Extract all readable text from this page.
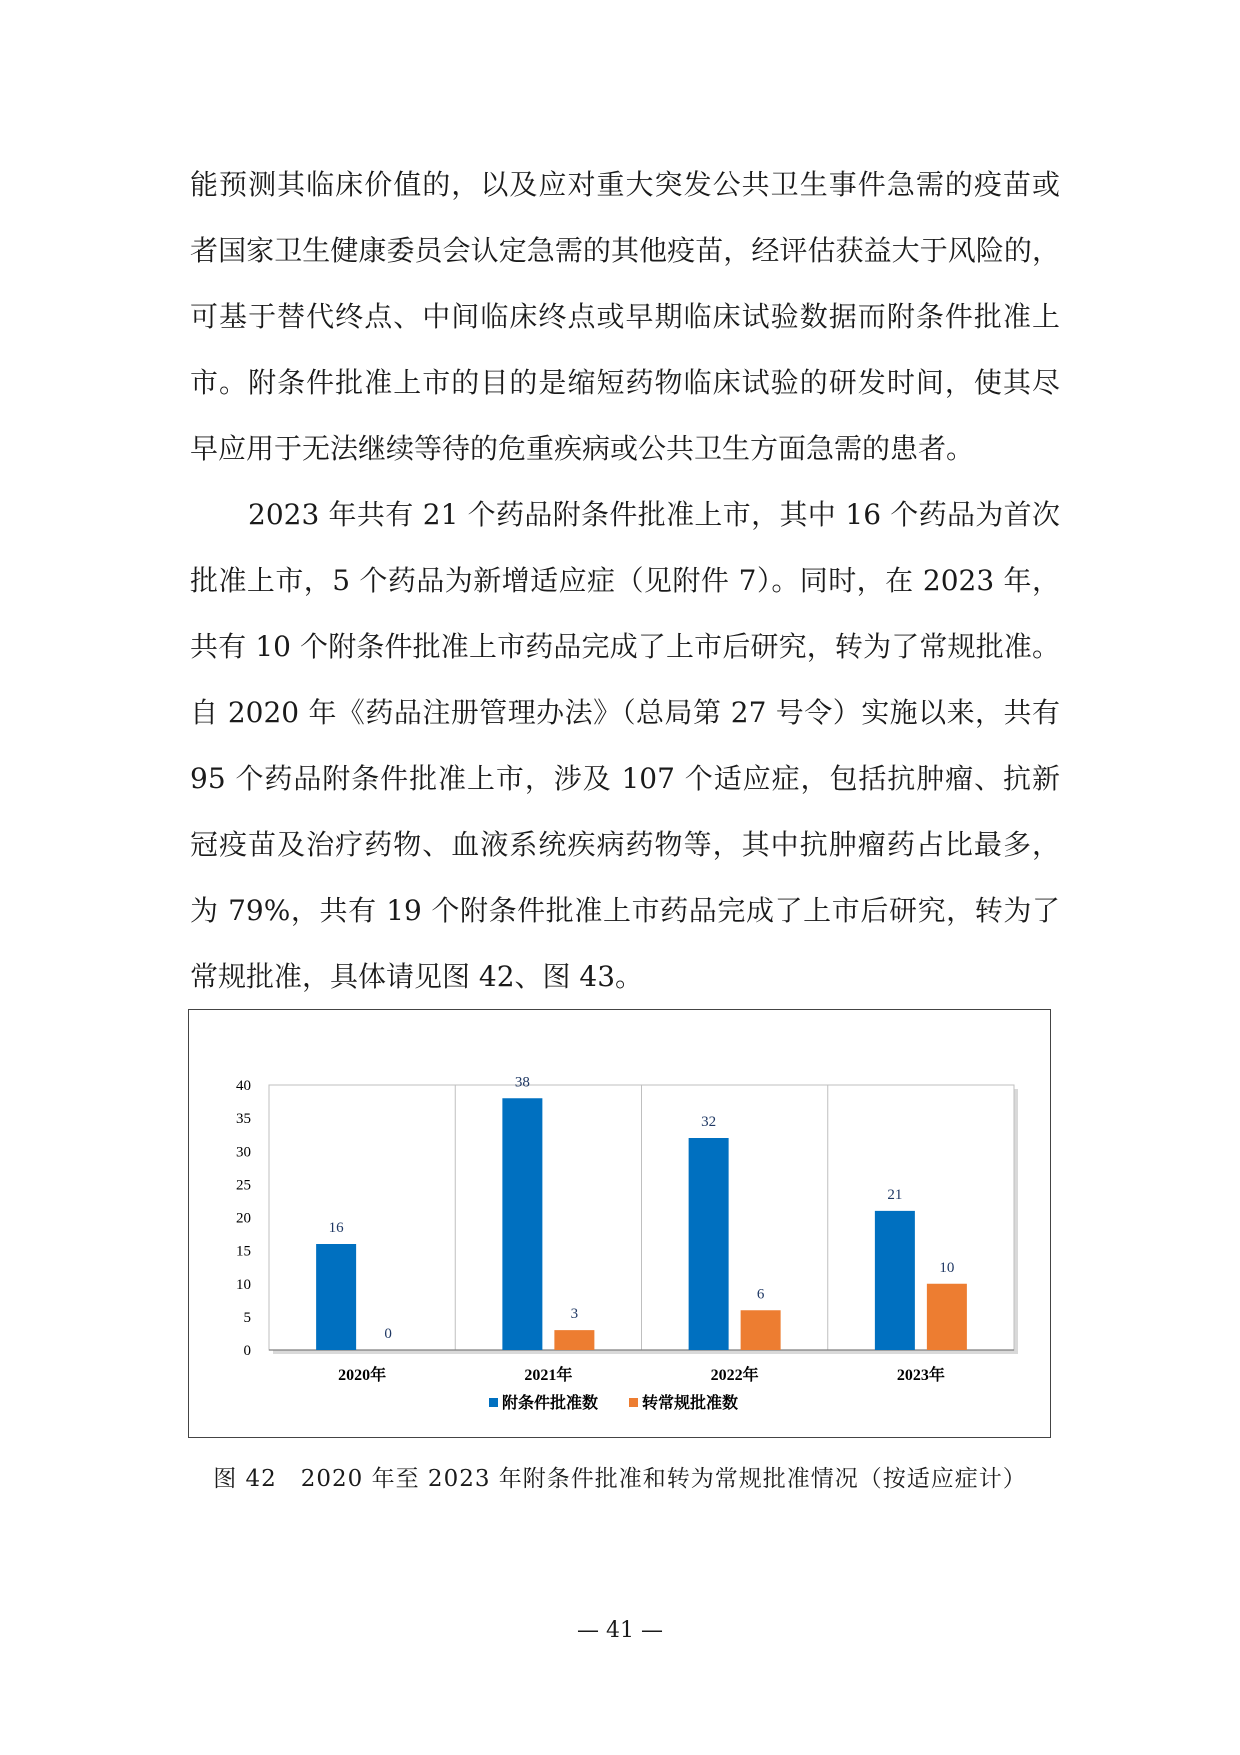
能预测其临床价值的，以及应对重大突发公共卫生事件急需的疫苗或
者国家卫生健康委员会认定急需的其他疫苗，经评估获益大于风险的，
可基于替代终点、中间临床终点或早期临床试验数据而附条件批准上
市。附条件批准上市的目的是缩短药物临床试验的研发时间，使其尽
早应用于无法继续等待的危重疾病或公共卫生方面急需的患者。
2023 年共有 21 个药品附条件批准上市，其中 16 个药品为首次
批准上市，5 个药品为新增适应症（见附件 7）。同时，在 2023 年，
共有 10 个附条件批准上市药品完成了上市后研究，转为了常规批准。
自 2020 年《药品注册管理办法》（总局第 27 号令）实施以来，共有
95 个药品附条件批准上市，涉及 107 个适应症，包括抗肿瘤、抗新
冠疫苗及治疗药物、血液系统疾病药物等，其中抗肿瘤药占比最多，
为 79%，共有 19 个附条件批准上市药品完成了上市后研究，转为了
常规批准，具体请见图 42、图 43。
0
5
10
15
20
25
30
35
40
16
0
2020年
38
3
2021年
32
6
2022年
21
10
2023年
附条件批准数	转常规批准数
图 42　2020 年至 2023 年附条件批准和转为常规批准情况（按适应症计）
— 41 —
